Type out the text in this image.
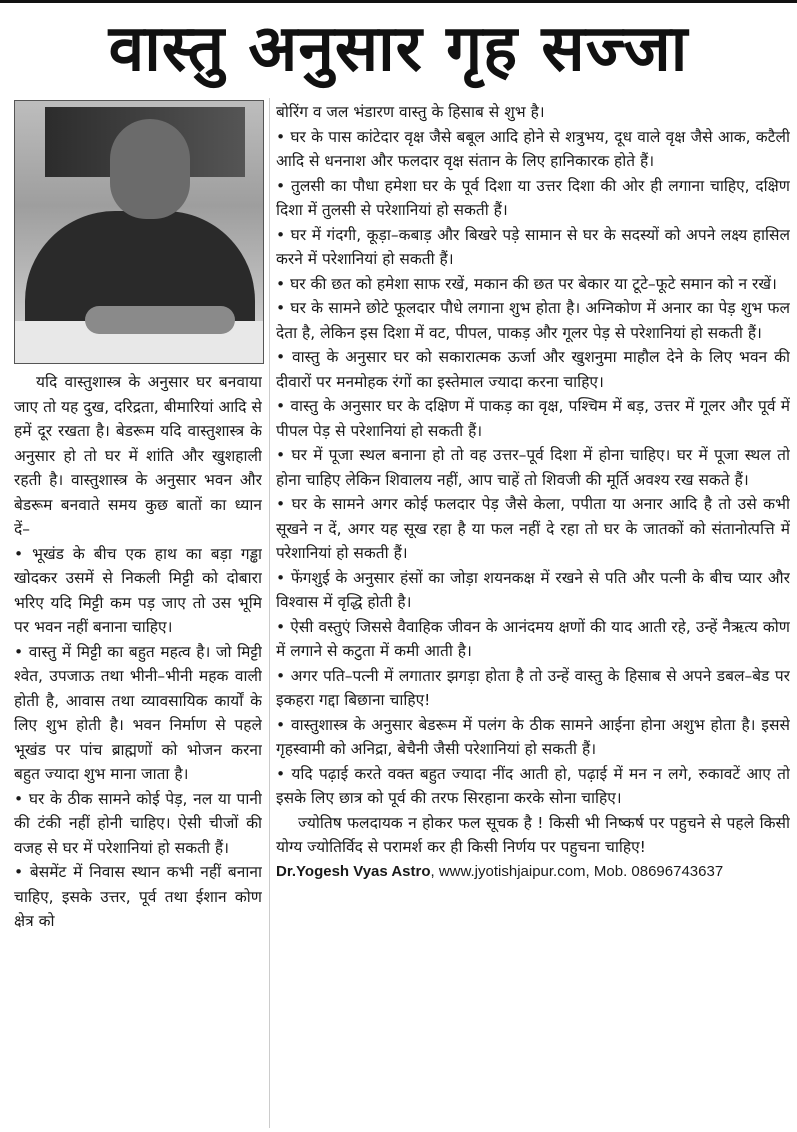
वास्तु अनुसार गृह सज्जा

यदि वास्तुशास्त्र के अनुसार घर बनवाया जाए तो यह दुख, दरिद्रता, बीमारियां आदि से हमें दूर रखता है। बेडरूम यदि वास्तुशास्त्र के अनुसार हो तो घर में शांति और खुशहाली रहती है। वास्तुशास्त्र के अनुसार भवन और बेडरूम बनवाते समय कुछ बातों का ध्यान दें–

• भूखंड के बीच एक हाथ का बड़ा गड्ढा खोदकर उसमें से निकली मिट्टी को दोबारा भरिए यदि मिट्टी कम पड़ जाए तो उस भूमि पर भवन नहीं बनाना चाहिए।

• वास्तु में मिट्टी का बहुत महत्व है। जो मिट्टी श्वेत, उपजाऊ तथा भीनी–भीनी महक वाली होती है, आवास तथा व्यावसायिक कार्यों के लिए शुभ होती है। भवन निर्माण से पहले भूखंड पर पांच ब्राह्मणों को भोजन करना बहुत ज्यादा शुभ माना जाता है।

• घर के ठीक सामने कोई पेड़, नल या पानी की टंकी नहीं होनी चाहिए। ऐसी चीजों की वजह से घर में परेशानियां हो सकती हैं।

• बेसमेंट में निवास स्थान कभी नहीं बनाना चाहिए, इसके उत्तर, पूर्व तथा ईशान कोण क्षेत्र को

बोरिंग व जल भंडारण वास्तु के हिसाब से शुभ है।

• घर के पास कांटेदार वृक्ष जैसे बबूल आदि होने से शत्रुभय, दूध वाले वृक्ष जैसे आक, कटैली आदि से धननाश और फलदार वृक्ष संतान के लिए हानिकारक होते हैं।

• तुलसी का पौधा हमेशा घर के पूर्व दिशा या उत्तर दिशा की ओर ही लगाना चाहिए, दक्षिण दिशा में तुलसी से परेशानियां हो सकती हैं।

• घर में गंदगी, कूड़ा–कबाड़ और बिखरे पड़े सामान से घर के सदस्यों को अपने लक्ष्य हासिल करने में परेशानियां हो सकती हैं।

• घर की छत को हमेशा साफ रखें, मकान की छत पर बेकार या टूटे–फूटे समान को न रखें।

• घर के सामने छोटे फूलदार पौधे लगाना शुभ होता है। अग्निकोण में अनार का पेड़ शुभ फल देता है, लेकिन इस दिशा में वट, पीपल, पाकड़ और गूलर पेड़ से परेशानियां हो सकती हैं।

• वास्तु के अनुसार घर को सकारात्मक ऊर्जा और खुशनुमा माहौल देने के लिए भवन की दीवारों पर मनमोहक रंगों का इस्तेमाल ज्यादा करना चाहिए।

• वास्तु के अनुसार घर के दक्षिण में पाकड़ का वृक्ष, पश्चिम में बड़, उत्तर में गूलर और पूर्व में पीपल पेड़ से परेशानियां हो सकती हैं।

• घर में पूजा स्थल बनाना हो तो वह उत्तर–पूर्व दिशा में होना चाहिए। घर में पूजा स्थल तो होना चाहिए लेकिन शिवालय नहीं, आप चाहें तो शिवजी की मूर्ति अवश्य रख सकते हैं।

• घर के सामने अगर कोई फलदार पेड़ जैसे केला, पपीता या अनार आदि है तो उसे कभी सूखने न दें, अगर यह सूख रहा है या फल नहीं दे रहा तो घर के जातकों को संतानोत्पत्ति में परेशानियां हो सकती हैं।

• फेंगशुई के अनुसार हंसों का जोड़ा शयनकक्ष में रखने से पति और पत्नी के बीच प्यार और विश्‍वास में वृद्धि होती है।

• ऐसी वस्तुएं जिससे वैवाहिक जीवन के आनंदमय क्षणों की याद आती रहे, उन्हें नैऋत्य कोण में लगाने से कटुता में कमी आती है।

• अगर पति–पत्नी में लगातार झगड़ा होता है तो उन्हें वास्तु के हिसाब से अपने डबल–बेड पर इकहरा गद्दा बिछाना चाहिए!

• वास्तुशास्त्र के अनुसार बेडरूम में पलंग के ठीक सामने आईना होना अशुभ होता है। इससे गृहस्वामी को अनिद्रा, बेचैनी जैसी परेशानियां हो सकती हैं।

• यदि पढ़ाई करते वक्त बहुत ज्यादा नींद आती हो, पढ़ाई में मन न लगे, रुकावटें आए तो इसके लिए छात्र को पूर्व की तरफ सिरहाना करके सोना चाहिए।

ज्योतिष फलदायक न होकर फल सूचक है ! किसी भी निष्कर्ष पर पहुचने से पहले किसी योग्य ज्योतिर्विद से परामर्श कर ही किसी निर्णय पर पहुचना चाहिए!

Dr.Yogesh Vyas Astro, www.jyotishjaipur.com, Mob. 08696743637
